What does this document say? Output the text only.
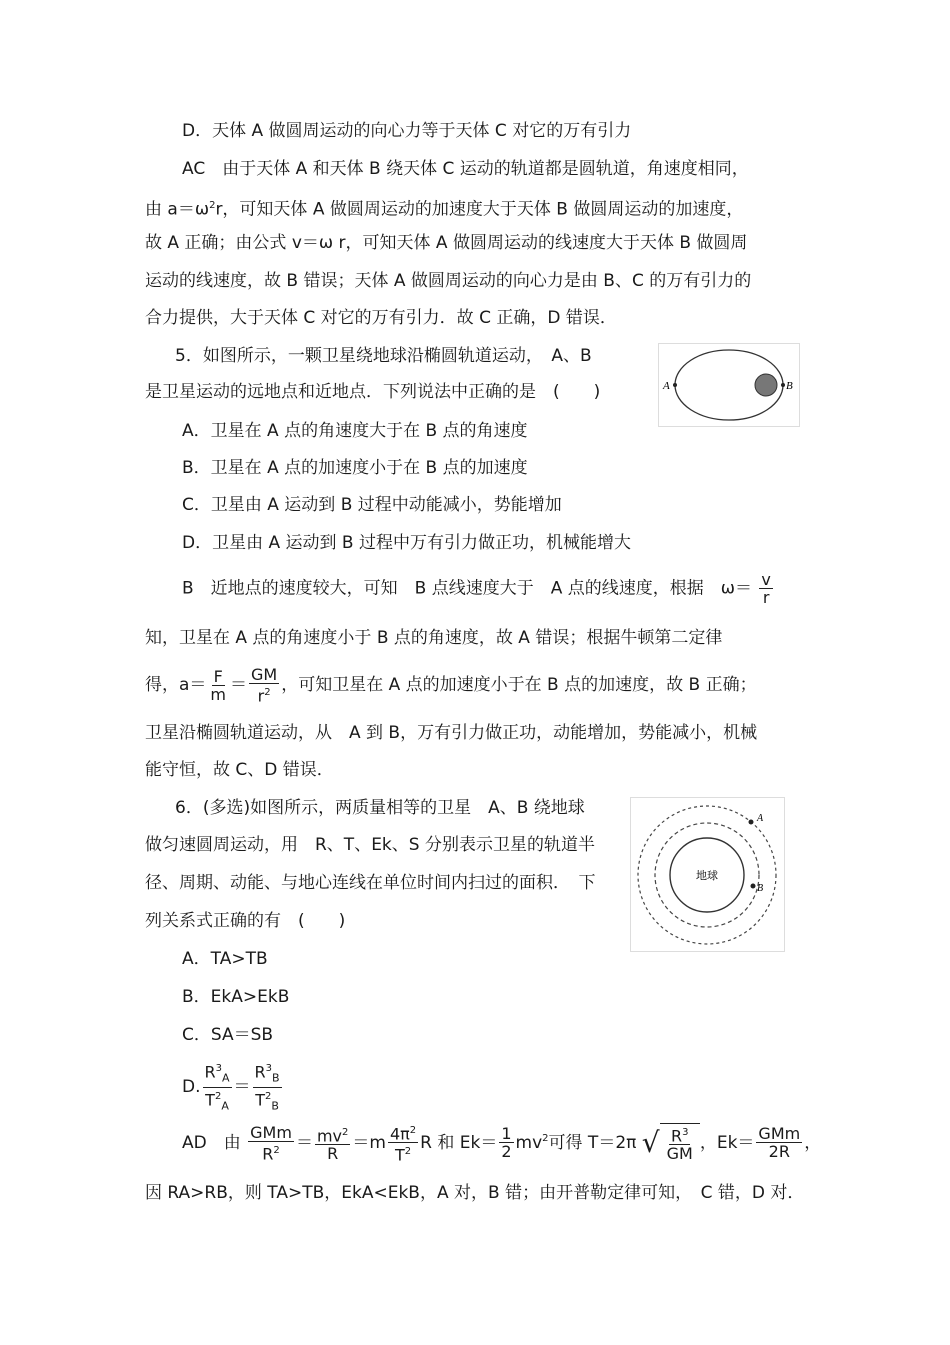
D．天体 A 做圆周运动的向心力等于天体 C 对它的万有引力
AC　由于天体 A 和天体 B 绕天体 C 运动的轨道都是圆轨道，角速度相同，
由 $a=\omega^2r$，可知天体 A 做圆周运动的加速度大于天体 B 做圆周运动的加速度，
故 A 正确；由公式 v＝ω r，可知天体 A 做圆周运动的线速度大于天体 B 做圆周
运动的线速度，故 B 错误；天体 A 做圆周运动的向心力是由 B、C 的万有引力的
合力提供，大于天体 C 对它的万有引力．故 C 正确，D 错误．
5．如图所示，一颗卫星绕地球沿椭圆轨道运动，　A、B
是卫星运动的远地点和近地点．下列说法中正确的是　(　　)	A	B
A．卫星在 A 点的角速度大于在 B 点的角速度
B．卫星在 A 点的加速度小于在 B 点的加速度
C．卫星由 A 运动到 B 过程中动能减小，势能增加
D．卫星由 A 运动到 B 过程中万有引力做正功，机械能增大
B　近地点的速度较大，可知　B 点线速度大于　A 点的线速度，根据　$\omega= \frac{v}{r}$
知，卫星在 A 点的角速度小于 B 点的角速度，故 A 错误；根据牛顿第二定律
得，$a= \frac{F}{m} = \frac{GM}{r^2}$ ，可知卫星在 A 点的加速度小于在 B 点的加速度，故 B 正确；
卫星沿椭圆轨道运动，从　A 到 B，万有引力做正功，动能增加，势能减小，机械
能守恒，故 C、D 错误．
6．(多选)如图所示，两质量相等的卫星　A、B 绕地球
做匀速圆周运动，用　R、T、Ek、S 分别表示卫星的轨道半
径、周期、动能、与地心连线在单位时间内扫过的面积．　下
列关系式正确的有　(　　)
地球
A
B
A．TA>TB
B．EkA>EkB
C．SA＝SB
D. $\frac{R^3_A}{T^2_A} = \frac{R^3_B}{T^2_B}$
AD　由 $\frac{\text{GMm}}{R^2} = \frac{mv^2}{R} =m \frac{4\pi^2}{T^2}$ R 和 $Ek= \frac{1}{2} mv^2$可得 T＝2π √ $\frac{R^3}{GM}$ ，$Ek= \frac{\text{GMm}}{2R}$ ，
因 RA>RB，则 TA>TB，EkA<EkB，A 对，B 错；由开普勒定律可知，　C 错，D 对．
